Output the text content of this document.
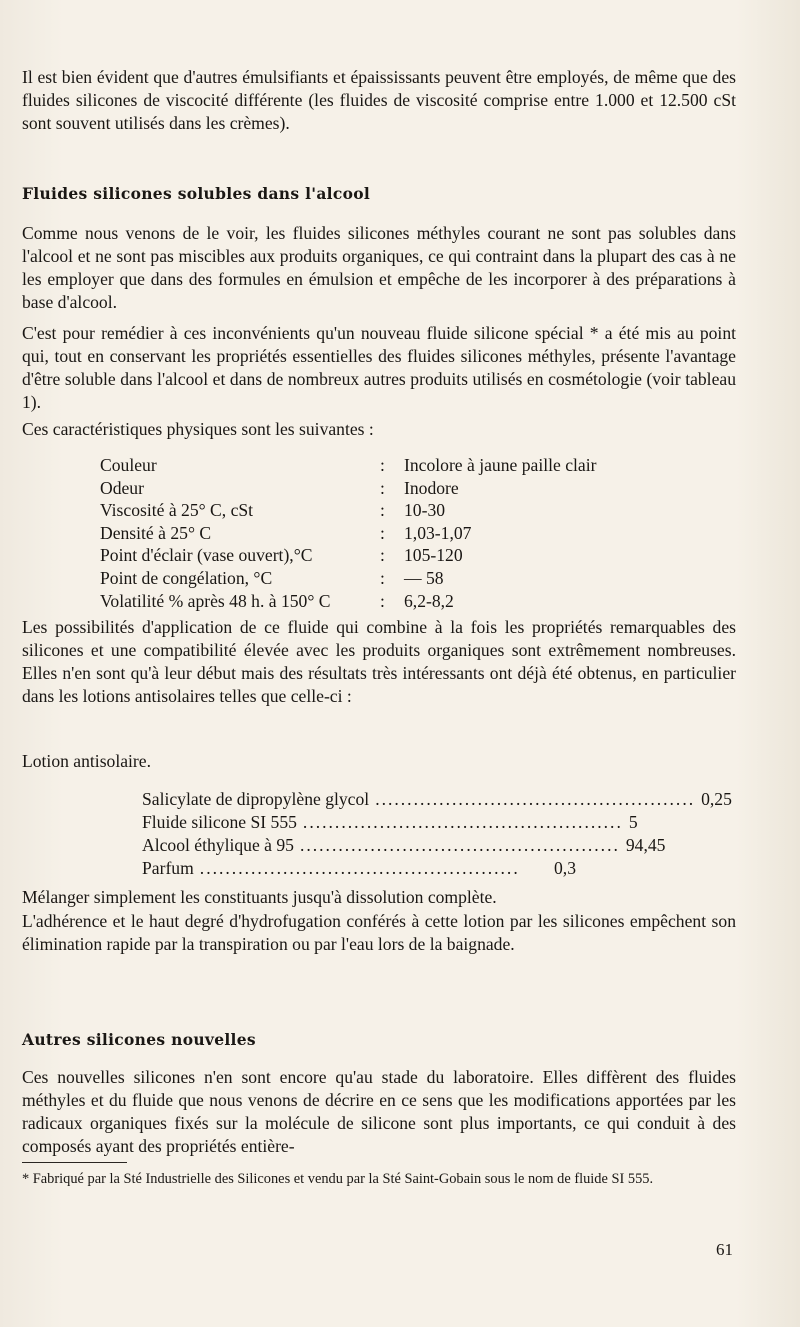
Il est bien évident que d'autres émulsifiants et épaississants peuvent être employés, de même que des fluides silicones de viscocité différente (les fluides de viscosité comprise entre 1.000 et 12.500 cSt sont souvent utilisés dans les crèmes).

Fluides silicones solubles dans l'alcool

Comme nous venons de le voir, les fluides silicones méthyles courant ne sont pas solubles dans l'alcool et ne sont pas miscibles aux produits organiques, ce qui contraint dans la plupart des cas à ne les employer que dans des formules en émulsion et empêche de les incorporer à des préparations à base d'alcool.

C'est pour remédier à ces inconvénients qu'un nouveau fluide silicone spécial * a été mis au point qui, tout en conservant les propriétés essentielles des fluides silicones méthyles, présente l'avantage d'être soluble dans l'alcool et dans de nombreux autres produits utilisés en cosmétologie (voir tableau 1).

Ces caractéristiques physiques sont les suivantes :

Couleur	:	Incolore à jaune paille clair
Odeur	:	Inodore
Viscosité à 25° C, cSt	:	10-30
Densité à 25° C	:	1,03-1,07
Point d'éclair (vase ouvert),°C	:	105-120
Point de congélation, °C	:	— 58
Volatilité % après 48 h. à 150° C	:	6,2-8,2

Les possibilités d'application de ce fluide qui combine à la fois les propriétés remarquables des silicones et une compatibilité élevée avec les produits organiques sont extrêmement nombreuses. Elles n'en sont qu'à leur début mais des résultats très intéressants ont déjà été obtenus, en particulier dans les lotions antisolaires telles que celle-ci :

Lotion antisolaire.

Salicylate de dipropylène glycol .................................................. 0,25
Fluide silicone SI 555 .................................................. 5
Alcool éthylique à 95 .................................................. 94,45
Parfum ..................................................	0,3

Mélanger simplement les constituants jusqu'à dissolution complète.

L'adhérence et le haut degré d'hydrofugation conférés à cette lotion par les silicones empêchent son élimination rapide par la transpiration ou par l'eau lors de la baignade.

Autres silicones nouvelles

Ces nouvelles silicones n'en sont encore qu'au stade du laboratoire. Elles diffèrent des fluides méthyles et du fluide que nous venons de décrire en ce sens que les modifications apportées par les radicaux organiques fixés sur la molécule de silicone sont plus importants, ce qui conduit à des composés ayant des propriétés entière-

* Fabriqué par la Sté Industrielle des Silicones et vendu par la Sté Saint-Gobain sous le nom de fluide SI 555.
61
